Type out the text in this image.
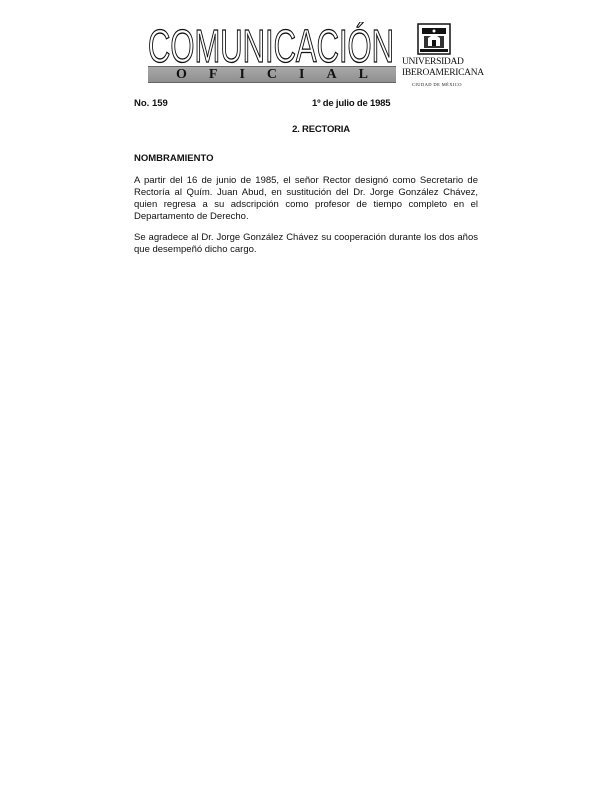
COMUNICACIÓN
OFICIAL
UNIVERSIDAD
IBEROAMERICANA
CIUDAD DE MÉXICO
No. 159	1º de julio de 1985
2. RECTORIA
NOMBRAMIENTO
A partir del 16 de junio de 1985, el señor Rector designó como Secretario de Rectoría al Quím. Juan Abud, en sustitución del Dr. Jorge González Chávez, quien regresa a su adscripción como profesor de tiempo completo en el Departamento de Derecho.
Se agradece al Dr. Jorge González Chávez su cooperación durante los dos años que desempeñó dicho cargo.
